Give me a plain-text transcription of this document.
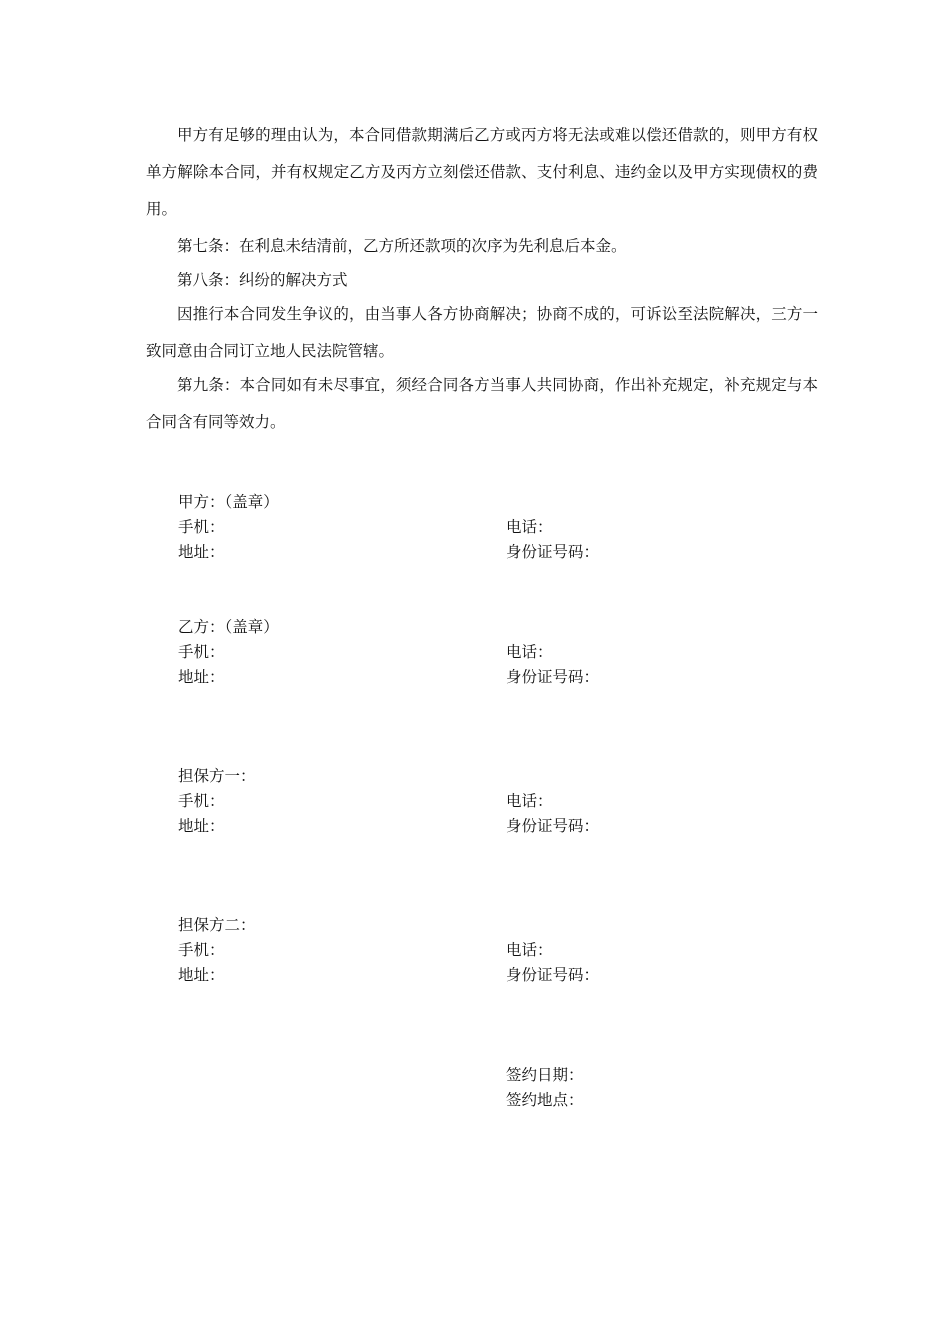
甲方有足够的理由认为，本合同借款期满后乙方或丙方将无法或难以偿还借款的，则甲方有权单方解除本合同，并有权规定乙方及丙方立刻偿还借款、支付利息、违约金以及甲方实现债权的费用。

第七条：在利息未结清前，乙方所还款项的次序为先利息后本金。

第八条：纠纷的解决方式

因推行本合同发生争议的，由当事人各方协商解决；协商不成的，可诉讼至法院解决，三方一致同意由合同订立地人民法院管辖。

第九条：本合同如有未尽事宜，须经合同各方当事人共同协商，作出补充规定，补充规定与本合同含有同等效力。

甲方：（盖章）

手机：	电话：

地址：	身份证号码：

乙方：（盖章）

手机：	电话：

地址：	身份证号码：

担保方一：

手机：	电话：

地址：	身份证号码：

担保方二：

手机：	电话：

地址：	身份证号码：

签约日期：

签约地点：
